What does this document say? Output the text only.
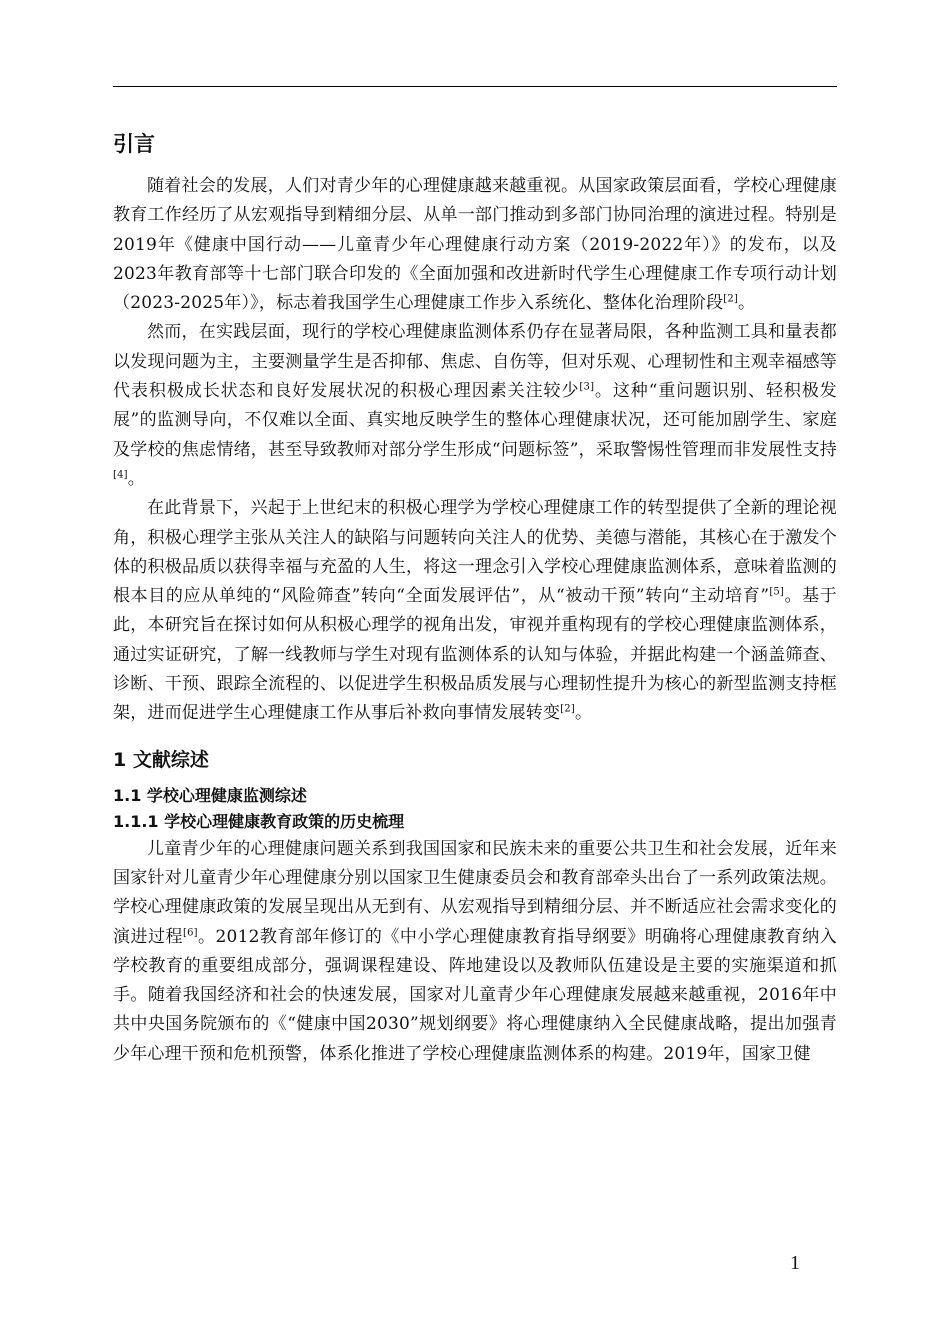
引言

随着社会的发展，人们对青少年的心理健康越来越重视。从国家政策层面看，学校心理健康教育工作经历了从宏观指导到精细分层、从单一部门推动到多部门协同治理的演进过程。特别是2019年《健康中国行动——儿童青少年心理健康行动方案（2019-2022年）》的发布，以及2023年教育部等十七部门联合印发的《全面加强和改进新时代学生心理健康工作专项行动计划（2023-2025年）》，标志着我国学生心理健康工作步入系统化、整体化治理阶段[2]。

然而，在实践层面，现行的学校心理健康监测体系仍存在显著局限，各种监测工具和量表都以发现问题为主，主要测量学生是否抑郁、焦虑、自伤等，但对乐观、心理韧性和主观幸福感等代表积极成长状态和良好发展状况的积极心理因素关注较少[3]。这种“重问题识别、轻积极发展”的监测导向，不仅难以全面、真实地反映学生的整体心理健康状况，还可能加剧学生、家庭及学校的焦虑情绪，甚至导致教师对部分学生形成“问题标签”，采取警惕性管理而非发展性支持[4]。

在此背景下，兴起于上世纪末的积极心理学为学校心理健康工作的转型提供了全新的理论视角，积极心理学主张从关注人的缺陷与问题转向关注人的优势、美德与潜能，其核心在于激发个体的积极品质以获得幸福与充盈的人生，将这一理念引入学校心理健康监测体系，意味着监测的根本目的应从单纯的“风险筛查”转向“全面发展评估”，从“被动干预”转向“主动培育”[5]。基于此，本研究旨在探讨如何从积极心理学的视角出发，审视并重构现有的学校心理健康监测体系，通过实证研究，了解一线教师与学生对现有监测体系的认知与体验，并据此构建一个涵盖筛查、诊断、干预、跟踪全流程的、以促进学生积极品质发展与心理韧性提升为核心的新型监测支持框架，进而促进学生心理健康工作从事后补救向事情发展转变[2]。

1 文献综述
1.1 学校心理健康监测综述
1.1.1 学校心理健康教育政策的历史梳理

儿童青少年的心理健康问题关系到我国国家和民族未来的重要公共卫生和社会发展，近年来国家针对儿童青少年心理健康分别以国家卫生健康委员会和教育部牵头出台了一系列政策法规。学校心理健康政策的发展呈现出从无到有、从宏观指导到精细分层、并不断适应社会需求变化的演进过程[6]。2012教育部年修订的《中小学心理健康教育指导纲要》明确将心理健康教育纳入学校教育的重要组成部分，强调课程建设、阵地建设以及教师队伍建设是主要的实施渠道和抓手。随着我国经济和社会的快速发展，国家对儿童青少年心理健康发展越来越重视，2016年中共中央国务院颁布的《“健康中国2030”规划纲要》将心理健康纳入全民健康战略，提出加强青少年心理干预和危机预警，体系化推进了学校心理健康监测体系的构建。2019年，国家卫健

1
